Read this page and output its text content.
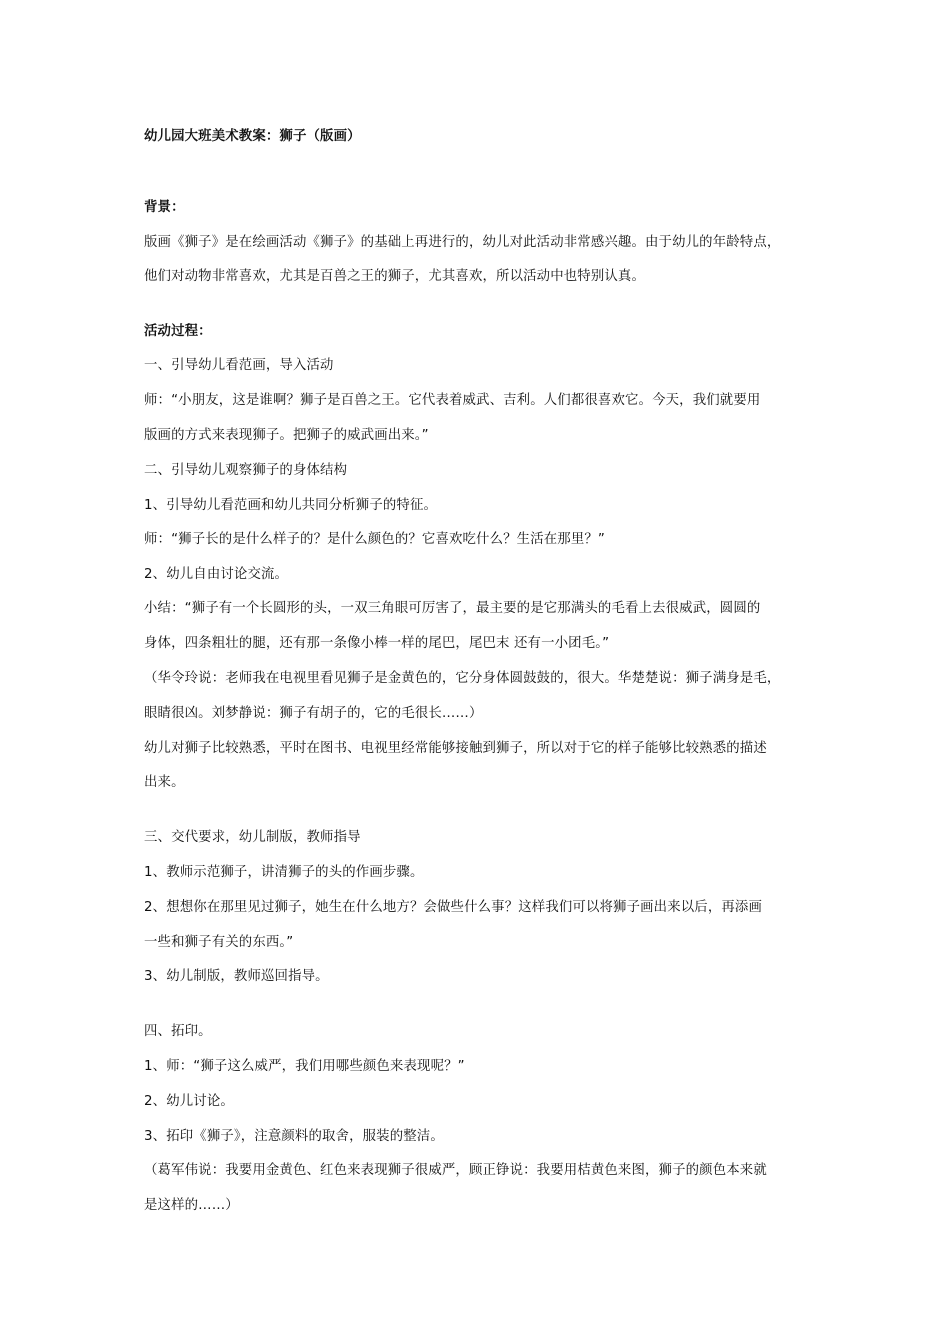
幼儿园大班美术教案：狮子（版画）
背景：
版画《狮子》是在绘画活动《狮子》的基础上再进行的，幼儿对此活动非常感兴趣。由于幼儿的年龄特点，
他们对动物非常喜欢，尤其是百兽之王的狮子，尤其喜欢，所以活动中也特别认真。
活动过程：
一、引导幼儿看范画，导入活动
师：“小朋友，这是谁啊？狮子是百兽之王。它代表着威武、吉利。人们都很喜欢它。今天，我们就要用
版画的方式来表现狮子。把狮子的威武画出来。”
二、引导幼儿观察狮子的身体结构
1、引导幼儿看范画和幼儿共同分析狮子的特征。
师：“狮子长的是什么样子的？是什么颜色的？它喜欢吃什么？生活在那里？”
2、幼儿自由讨论交流。
小结：“狮子有一个长圆形的头，一双三角眼可厉害了，最主要的是它那满头的毛看上去很威武，圆圆的
身体，四条粗壮的腿，还有那一条像小棒一样的尾巴，尾巴末 还有一小团毛。”
（华令玲说：老师我在电视里看见狮子是金黄色的，它分身体圆鼓鼓的，很大。华楚楚说：狮子满身是毛，
眼睛很凶。刘梦静说：狮子有胡子的，它的毛很长……）
幼儿对狮子比较熟悉，平时在图书、电视里经常能够接触到狮子，所以对于它的样子能够比较熟悉的描述
出来。
三、交代要求，幼儿制版，教师指导
1、教师示范狮子，讲清狮子的头的作画步骤。
2、想想你在那里见过狮子，她生在什么地方？会做些什么事？这样我们可以将狮子画出来以后，再添画
一些和狮子有关的东西。”
3、幼儿制版，教师巡回指导。
四、拓印。
1、师：“狮子这么威严，我们用哪些颜色来表现呢？”
2、幼儿讨论。
3、拓印《狮子》，注意颜料的取舍，服装的整洁。
（葛军伟说：我要用金黄色、红色来表现狮子很威严，顾正铮说：我要用桔黄色来图，狮子的颜色本来就
是这样的……）
